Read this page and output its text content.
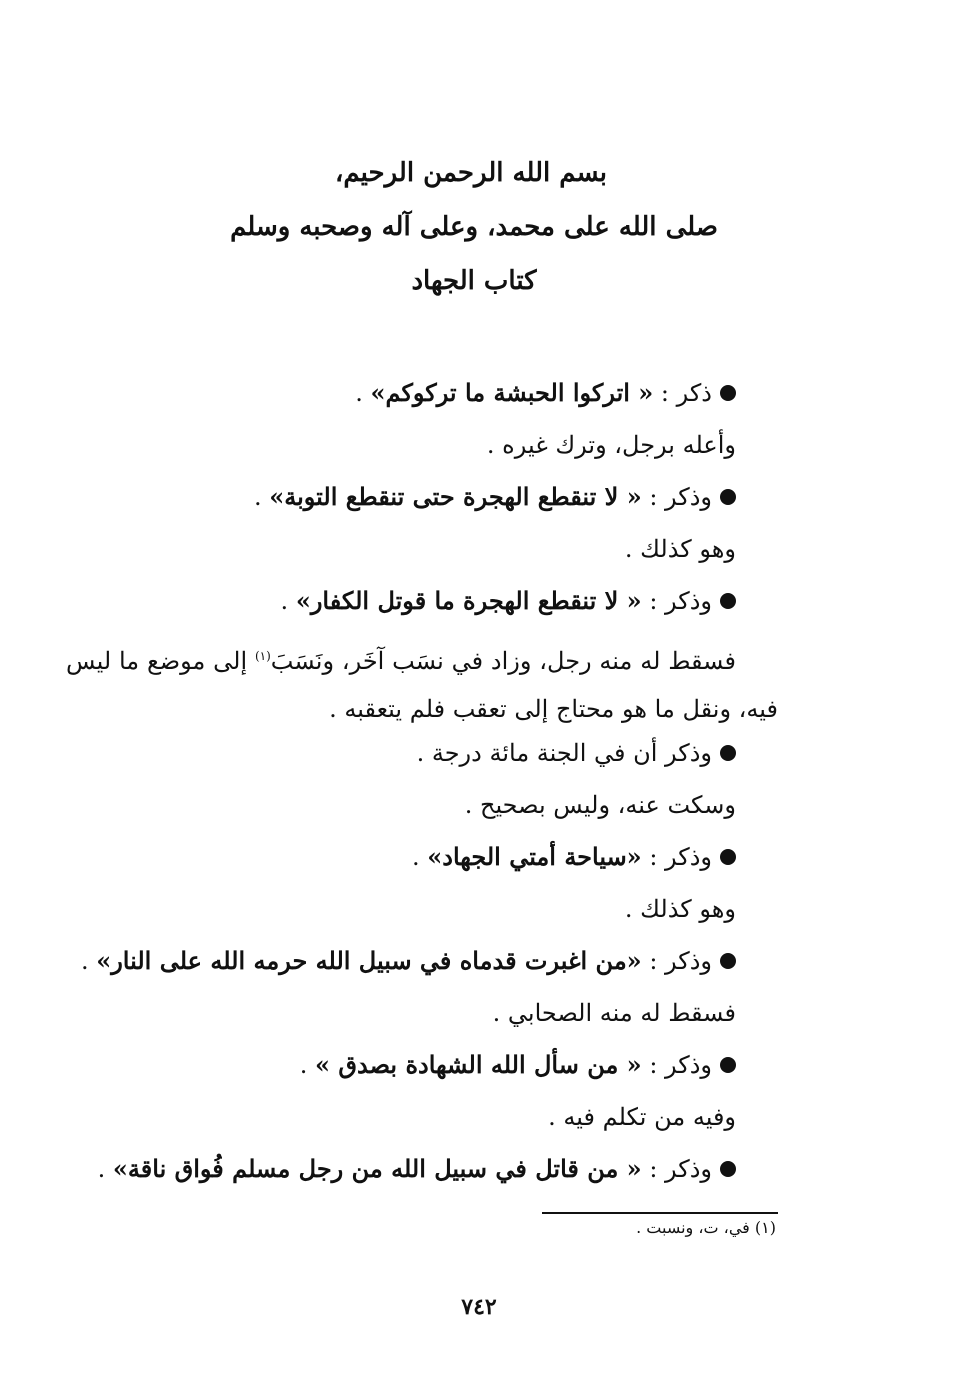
بسم الله الرحمن الرحيم،
صلى الله على محمد، وعلى آله وصحبه وسلم
كتاب الجهاد
ذكر : « اتركوا الحبشة ما تركوكم» .
وأعله برجل، وترك غيره .
وذكر : « لا تنقطع الهجرة حتى تنقطع التوبة» .
وهو كذلك .
وذكر : « لا تنقطع الهجرة ما قوتل الكفار» .
فسقط له منه رجل، وزاد في نسَب آخَر، ونَسَبَ$^{(١)}$ إلى موضع ما ليس
فيه، ونقل ما هو محتاج إلى تعقب فلم يتعقبه .
وذكر أن في الجنة مائة درجة .
وسكت عنه، وليس بصحيح .
وذكر : «سياحة أمتي الجهاد» .
وهو كذلك .
وذكر : «من اغبرت قدماه في سبيل الله حرمه الله على النار» .
فسقط له منه الصحابي .
وذكر : « من سأل الله الشهادة بصدق » .
وفيه من تكلم فيه .
وذكر : « من قاتل في سبيل الله من رجل مسلم فُواق ناقة» .
(١) في، ت، ونسبت .
٧٤٢
